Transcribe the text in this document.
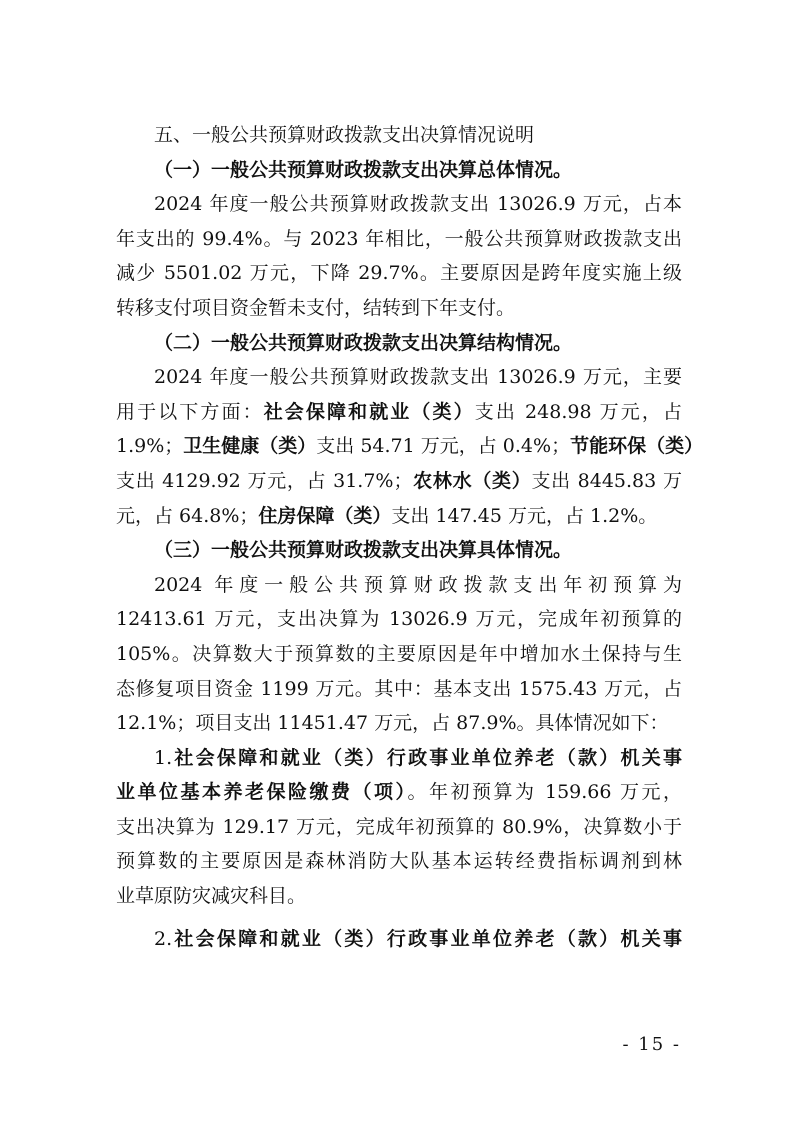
五、一般公共预算财政拨款支出决算情况说明
（一）一般公共预算财政拨款支出决算总体情况。
2024 年度一般公共预算财政拨款支出 13026.9 万元，占本
年支出的 99.4%。与 2023 年相比，一般公共预算财政拨款支出
减少 5501.02 万元，下降 29.7%。主要原因是跨年度实施上级
转移支付项目资金暂未支付，结转到下年支付。
（二）一般公共预算财政拨款支出决算结构情况。
2024 年度一般公共预算财政拨款支出 13026.9 万元，主要
用于以下方面：社会保障和就业（类）支出 248.98 万元，占
1.9%；卫生健康（类）支出 54.71 万元，占 0.4%；节能环保（类）
支出 4129.92 万元，占 31.7%；农林水（类）支出 8445.83 万
元，占 64.8%；住房保障（类）支出 147.45 万元，占 1.2%。
（三）一般公共预算财政拨款支出决算具体情况。
2024 年度一般公共预算财政拨款支出年初预算为
12413.61 万元，支出决算为 13026.9 万元，完成年初预算的
105%。决算数大于预算数的主要原因是年中增加水土保持与生
态修复项目资金 1199 万元。其中：基本支出 1575.43 万元，占
12.1%；项目支出 11451.47 万元，占 87.9%。具体情况如下：
1.社会保障和就业（类）行政事业单位养老（款）机关事
业单位基本养老保险缴费（项）。年初预算为 159.66 万元，
支出决算为 129.17 万元，完成年初预算的 80.9%，决算数小于
预算数的主要原因是森林消防大队基本运转经费指标调剂到林
业草原防灾减灾科目。
2.社会保障和就业（类）行政事业单位养老（款）机关事
- 15 -
